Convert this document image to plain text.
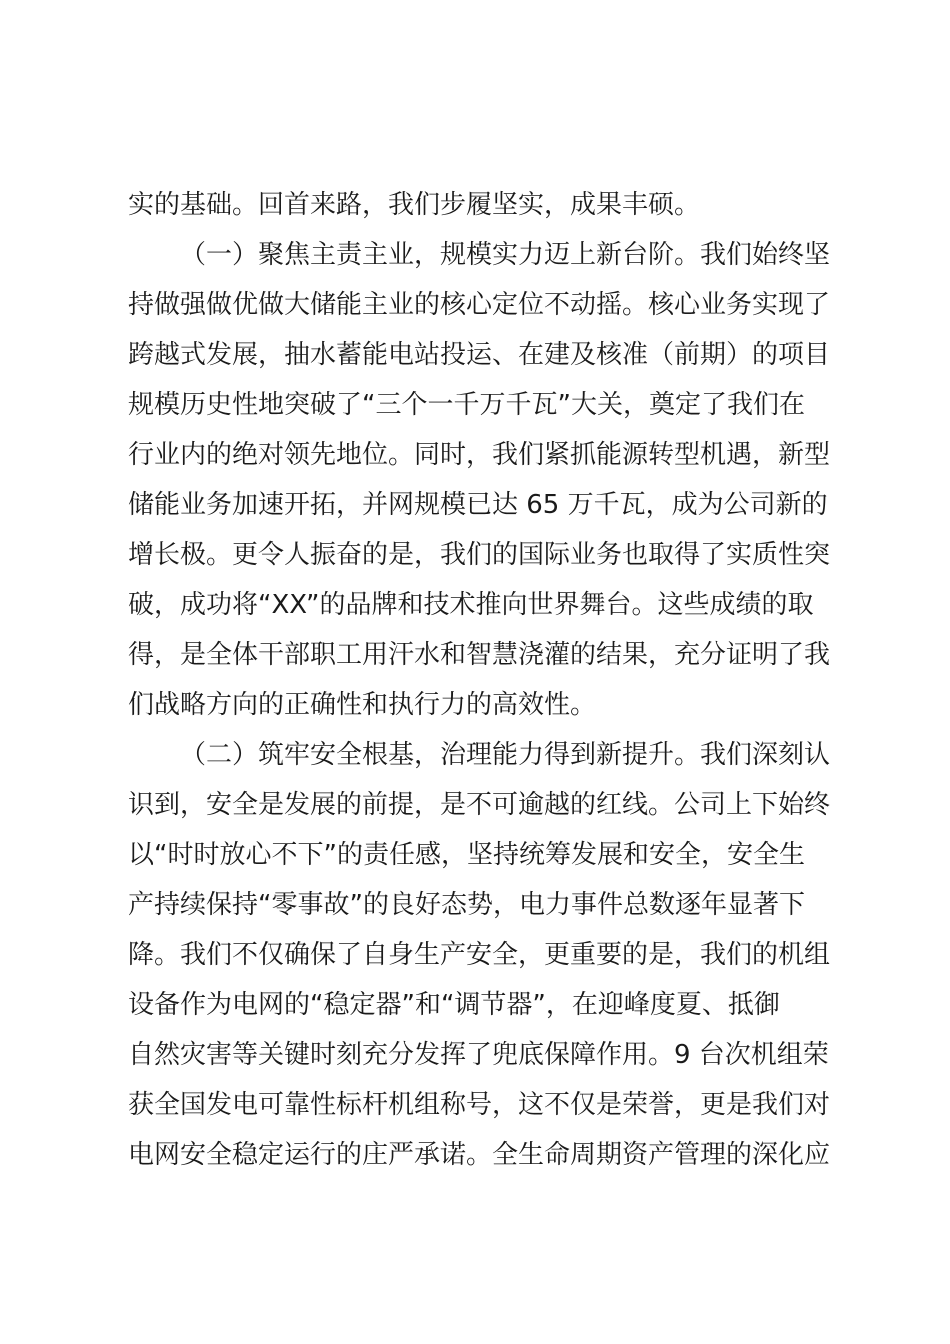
实的基础。回首来路，我们步履坚实，成果丰硕。
（一）聚焦主责主业，规模实力迈上新台阶。我们始终坚
持做强做优做大储能主业的核心定位不动摇。核心业务实现了
跨越式发展，抽水蓄能电站投运、在建及核准（前期）的项目
规模历史性地突破了“三个一千万千瓦”大关，奠定了我们在
行业内的绝对领先地位。同时，我们紧抓能源转型机遇，新型
储能业务加速开拓，并网规模已达 65 万千瓦，成为公司新的
增长极。更令人振奋的是，我们的国际业务也取得了实质性突
破，成功将“XX”的品牌和技术推向世界舞台。这些成绩的取
得，是全体干部职工用汗水和智慧浇灌的结果，充分证明了我
们战略方向的正确性和执行力的高效性。
（二）筑牢安全根基，治理能力得到新提升。我们深刻认
识到，安全是发展的前提，是不可逾越的红线。公司上下始终
以“时时放心不下”的责任感，坚持统筹发展和安全，安全生
产持续保持“零事故”的良好态势，电力事件总数逐年显著下
降。我们不仅确保了自身生产安全，更重要的是，我们的机组
设备作为电网的“稳定器”和“调节器”，在迎峰度夏、抵御
自然灾害等关键时刻充分发挥了兜底保障作用。9 台次机组荣
获全国发电可靠性标杆机组称号，这不仅是荣誉，更是我们对
电网安全稳定运行的庄严承诺。全生命周期资产管理的深化应
